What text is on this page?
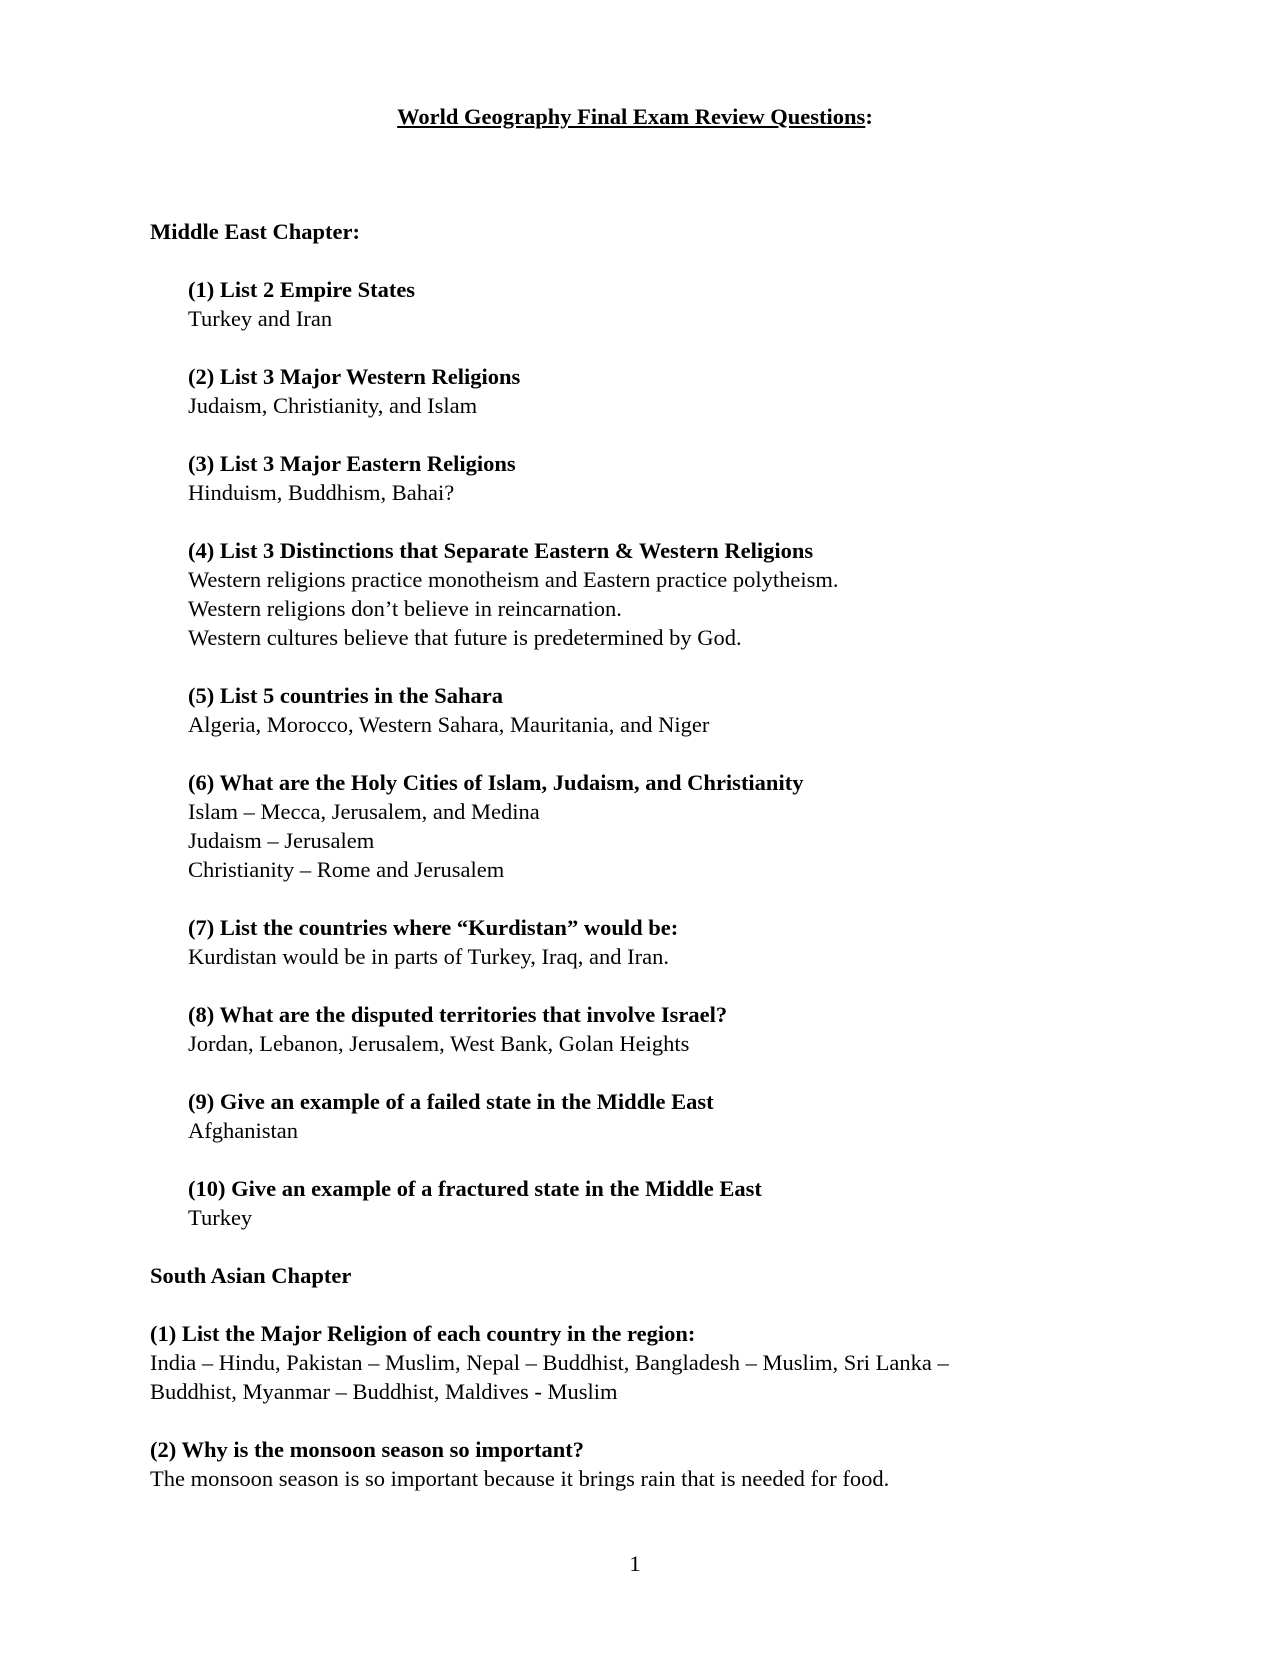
World Geography Final Exam Review Questions:
Middle East Chapter:
(1) List 2 Empire States
Turkey and Iran
(2) List 3 Major Western Religions
Judaism, Christianity, and Islam
(3) List 3 Major Eastern Religions
Hinduism, Buddhism, Bahai?
(4) List 3 Distinctions that Separate Eastern & Western Religions
Western religions practice monotheism and Eastern practice polytheism.
Western religions don’t believe in reincarnation.
Western cultures believe that future is predetermined by God.
(5) List 5 countries in the Sahara
Algeria, Morocco, Western Sahara, Mauritania, and Niger
(6) What are the Holy Cities of Islam, Judaism, and Christianity
Islam – Mecca, Jerusalem, and Medina
Judaism – Jerusalem
Christianity – Rome and Jerusalem
(7) List the countries where “Kurdistan” would be:
Kurdistan would be in parts of Turkey, Iraq, and Iran.
(8) What are the disputed territories that involve Israel?
Jordan, Lebanon, Jerusalem, West Bank, Golan Heights
(9) Give an example of a failed state in the Middle East
Afghanistan
(10) Give an example of a fractured state in the Middle East
Turkey
South Asian Chapter
(1) List the Major Religion of each country in the region:
India – Hindu, Pakistan – Muslim, Nepal – Buddhist, Bangladesh – Muslim, Sri Lanka –
Buddhist, Myanmar – Buddhist, Maldives - Muslim
(2) Why is the monsoon season so important?
The monsoon season is so important because it brings rain that is needed for food.
1
